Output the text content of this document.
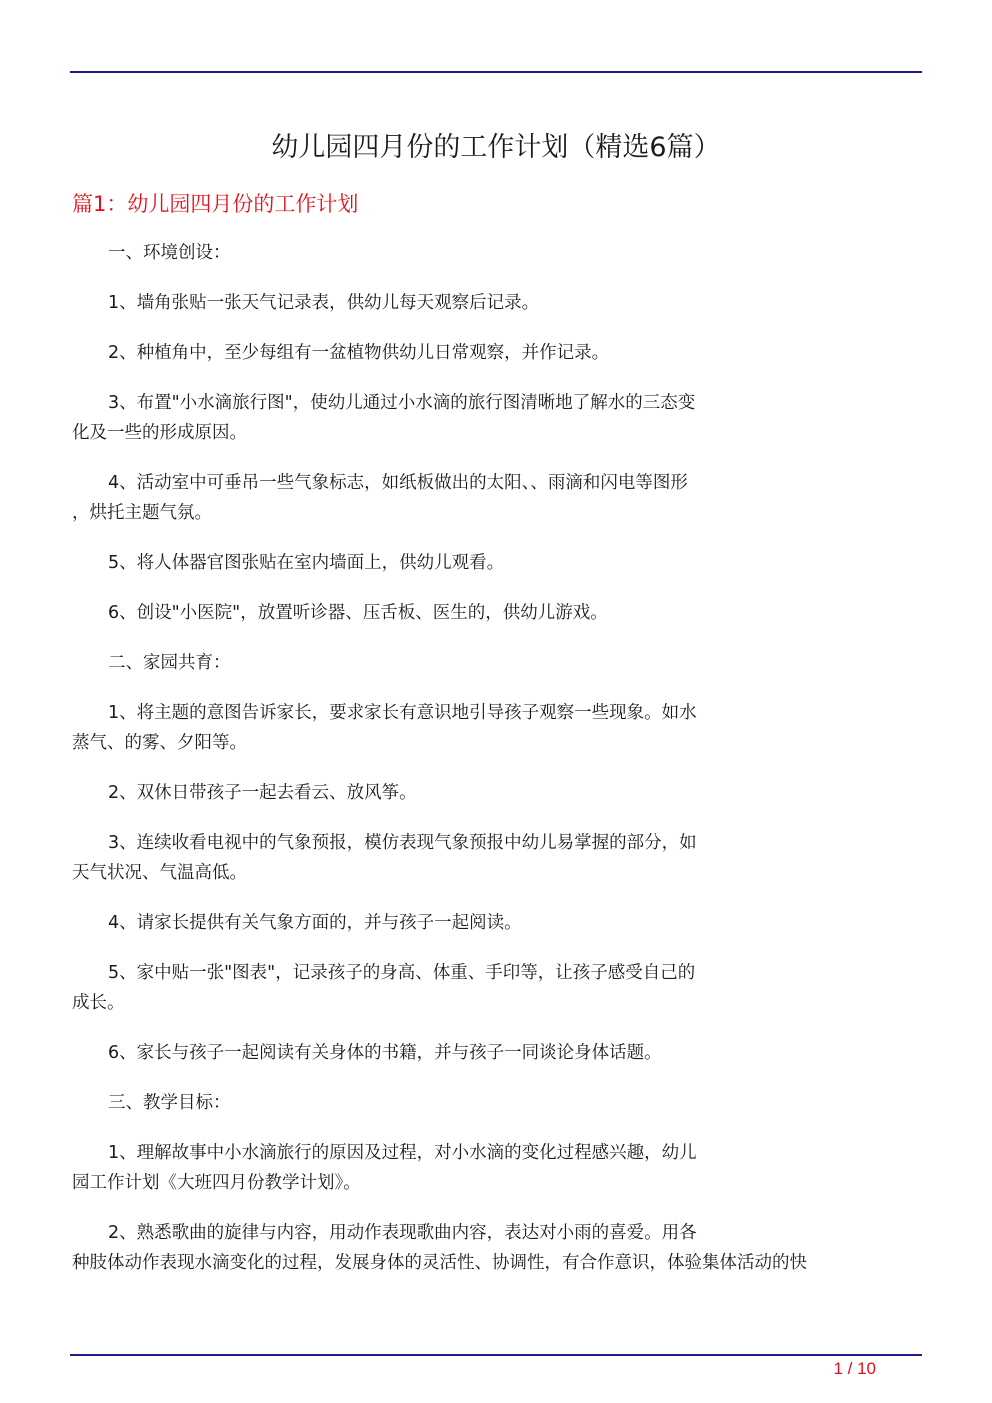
幼儿园四月份的工作计划（精选6篇）
篇1：幼儿园四月份的工作计划

一、环境创设：

1、墙角张贴一张天气记录表，供幼儿每天观察后记录。

2、种植角中，至少每组有一盆植物供幼儿日常观察，并作记录。

3、布置"小水滴旅行图"，使幼儿通过小水滴的旅行图清晰地了解水的三态变
化及一些的形成原因。

4、活动室中可垂吊一些气象标志，如纸板做出的太阳、、雨滴和闪电等图形
，烘托主题气氛。

5、将人体器官图张贴在室内墙面上，供幼儿观看。

6、创设"小医院"，放置听诊器、压舌板、医生的，供幼儿游戏。

二、家园共育：

1、将主题的意图告诉家长，要求家长有意识地引导孩子观察一些现象。如水
蒸气、的雾、夕阳等。

2、双休日带孩子一起去看云、放风筝。

3、连续收看电视中的气象预报，模仿表现气象预报中幼儿易掌握的部分，如
天气状况、气温高低。

4、请家长提供有关气象方面的，并与孩子一起阅读。

5、家中贴一张"图表"，记录孩子的身高、体重、手印等，让孩子感受自己的
成长。

6、家长与孩子一起阅读有关身体的书籍，并与孩子一同谈论身体话题。

三、教学目标：

1、理解故事中小水滴旅行的原因及过程，对小水滴的变化过程感兴趣，幼儿
园工作计划《大班四月份教学计划》。

2、熟悉歌曲的旋律与内容，用动作表现歌曲内容，表达对小雨的喜爱。用各
种肢体动作表现水滴变化的过程，发展身体的灵活性、协调性，有合作意识，体验集体活动的快

1 / 10
